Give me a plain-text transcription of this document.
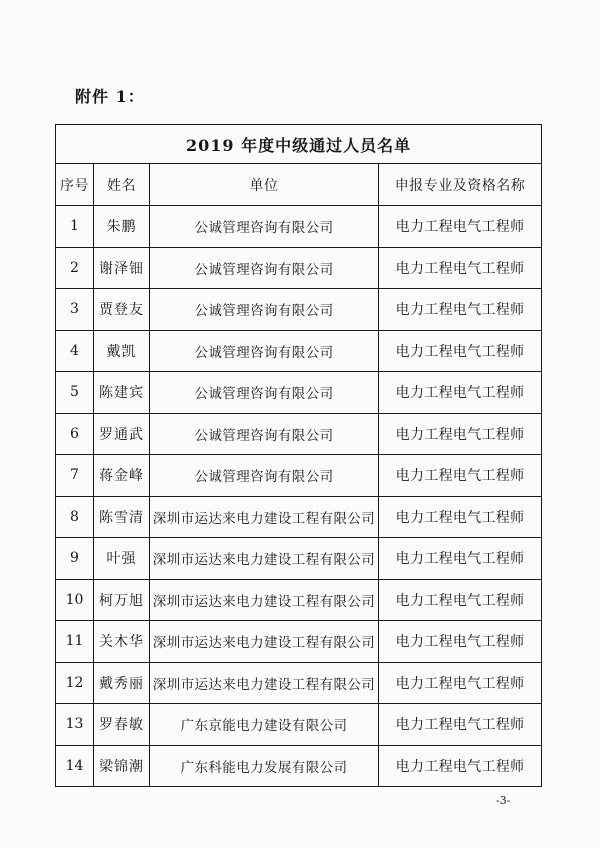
附件 1：
2019 年度中级通过人员名单			
序号	姓名	单位	申报专业及资格名称
1	朱鹏	公诚管理咨询有限公司	电力工程电气工程师
2	谢泽钿	公诚管理咨询有限公司	电力工程电气工程师
3	贾登友	公诚管理咨询有限公司	电力工程电气工程师
4	戴凯	公诚管理咨询有限公司	电力工程电气工程师
5	陈建宾	公诚管理咨询有限公司	电力工程电气工程师
6	罗通武	公诚管理咨询有限公司	电力工程电气工程师
7	蒋金峰	公诚管理咨询有限公司	电力工程电气工程师
8	陈雪清	深圳市运达来电力建设工程有限公司	电力工程电气工程师
9	叶强	深圳市运达来电力建设工程有限公司	电力工程电气工程师
10	柯万旭	深圳市运达来电力建设工程有限公司	电力工程电气工程师
11	关木华	深圳市运达来电力建设工程有限公司	电力工程电气工程师
12	戴秀丽	深圳市运达来电力建设工程有限公司	电力工程电气工程师
13	罗春敏	广东京能电力建设有限公司	电力工程电气工程师
14	梁锦潮	广东科能电力发展有限公司	电力工程电气工程师
-3-
